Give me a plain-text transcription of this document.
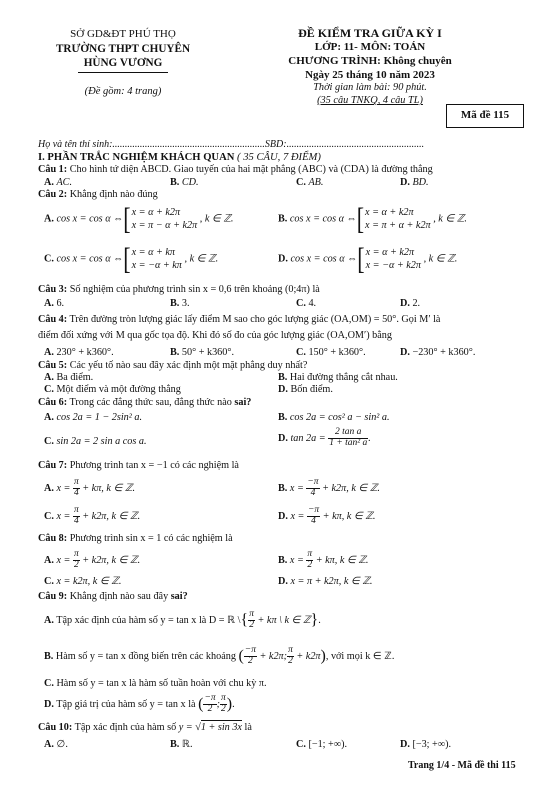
SỞ GD&ĐT PHÚ THỌ
TRƯỜNG THPT CHUYÊN
HÙNG VƯƠNG
(Đề gồm: 4 trang)
ĐỀ KIỂM TRA GIỮA KỲ I
LỚP: 11- MÔN: TOÁN
CHƯƠNG TRÌNH: Không chuyên
Ngày 25 tháng 10 năm 2023
Thời gian làm bài: 90 phút.
(35 câu TNKQ, 4 câu TL)
Mã đề 115
Họ và tên thí sinh:.............................................................SBD:.......................................................
I. PHẦN TRẮC NGHIỆM KHÁCH QUAN ( 35 CÂU, 7 ĐIỂM)
Câu 1: Cho hình tứ diện ABCD. Giao tuyến của hai mặt phẳng (ABC) và (CDA) là đường thẳng
A. AC.	B. CD.	C. AB.	D. BD.
Câu 2: Khẳng định nào đúng
A. cos x = cos α ⇔[x = α + k2π
x = π − α + k2π , k ∈ ℤ.	B. cos x = cos α ⇔[x = α + k2π
x = π + α + k2π , k ∈ ℤ.
C. cos x = cos α ⇔[x = α + kπ
x = −α + kπ , k ∈ ℤ.	D. cos x = cos α ⇔[x = α + k2π
x = −α + k2π , k ∈ ℤ.
Câu 3: Số nghiệm của phương trình sin x = 0,6 trên khoảng (0;4π) là
A. 6.	B. 3.	C. 4.	D. 2.
Câu 4: Trên đường tròn lượng giác lấy điểm M sao cho góc lượng giác (OA,OM) = 50°. Gọi M′ là
điểm đối xứng với M qua gốc tọa độ. Khi đó số đo của góc lượng giác (OA,OM′) bằng
A. 230° + k360°.	B. 50° + k360°.	C. 150° + k360°.	D. −230° + k360°.
Câu 5: Các yếu tố nào sau đây xác định một mặt phẳng duy nhất?
A. Ba điểm.	B. Hai đường thẳng cắt nhau.
C. Một điểm và một đường thẳng	D. Bốn điểm.
Câu 6: Trong các đẳng thức sau, đẳng thức nào sai?
A. cos 2a = 1 − 2sin² a.	B. cos 2a = cos² a − sin² a.
C. sin 2a = 2 sin a cos a.	D. $\tan 2a = \frac{\text{2 tan a}}{\text{1 + tan² a}}$ .
Câu 7: Phương trình tan x = −1 có các nghiệm là
A. $x = \frac{\pi}{4} + k\pi$, k ∈ ℤ.	B. $x = \frac{-\pi}{4} + k2\pi$, k ∈ ℤ.
C. $x = \frac{\pi}{4} + k2\pi$, k ∈ ℤ.	D. $x = \frac{-\pi}{4} + k\pi$, k ∈ ℤ.
Câu 8: Phương trình sin x = 1 có các nghiệm là
A. $x = \frac{\pi}{2} + k2\pi$, k ∈ ℤ.	B. $x = \frac{\pi}{2} + k\pi$, k ∈ ℤ.
C. x = k2π, k ∈ ℤ.	D. x = π + k2π, k ∈ ℤ.
Câu 9: Khẳng định nào sau đây sai?
A. Tập xác định của hàm số y = tan x là D = ℝ \{ $\frac{\pi}{2} + k\pi$ \ k ∈ ℤ}.
B. Hàm số y = tan x đồng biến trên các khoảng ( $\frac{-\pi}{2} + k2\pi$; $\frac{\pi}{2} + k2\pi$), với mọi k ∈ ℤ.
C. Hàm số y = tan x là hàm số tuần hoàn với chu kỳ π.
D. Tập giá trị của hàm số y = tan x là ( $\frac{-\pi}{2}$ ; $\frac{\pi}{2}$ ).
Câu 10: Tập xác định của hàm số y = √1 + sin 3x là
A. ∅.	B. ℝ.	C. [−1; +∞).	D. [−3; +∞).
Trang 1/4 - Mã đề thi 115
